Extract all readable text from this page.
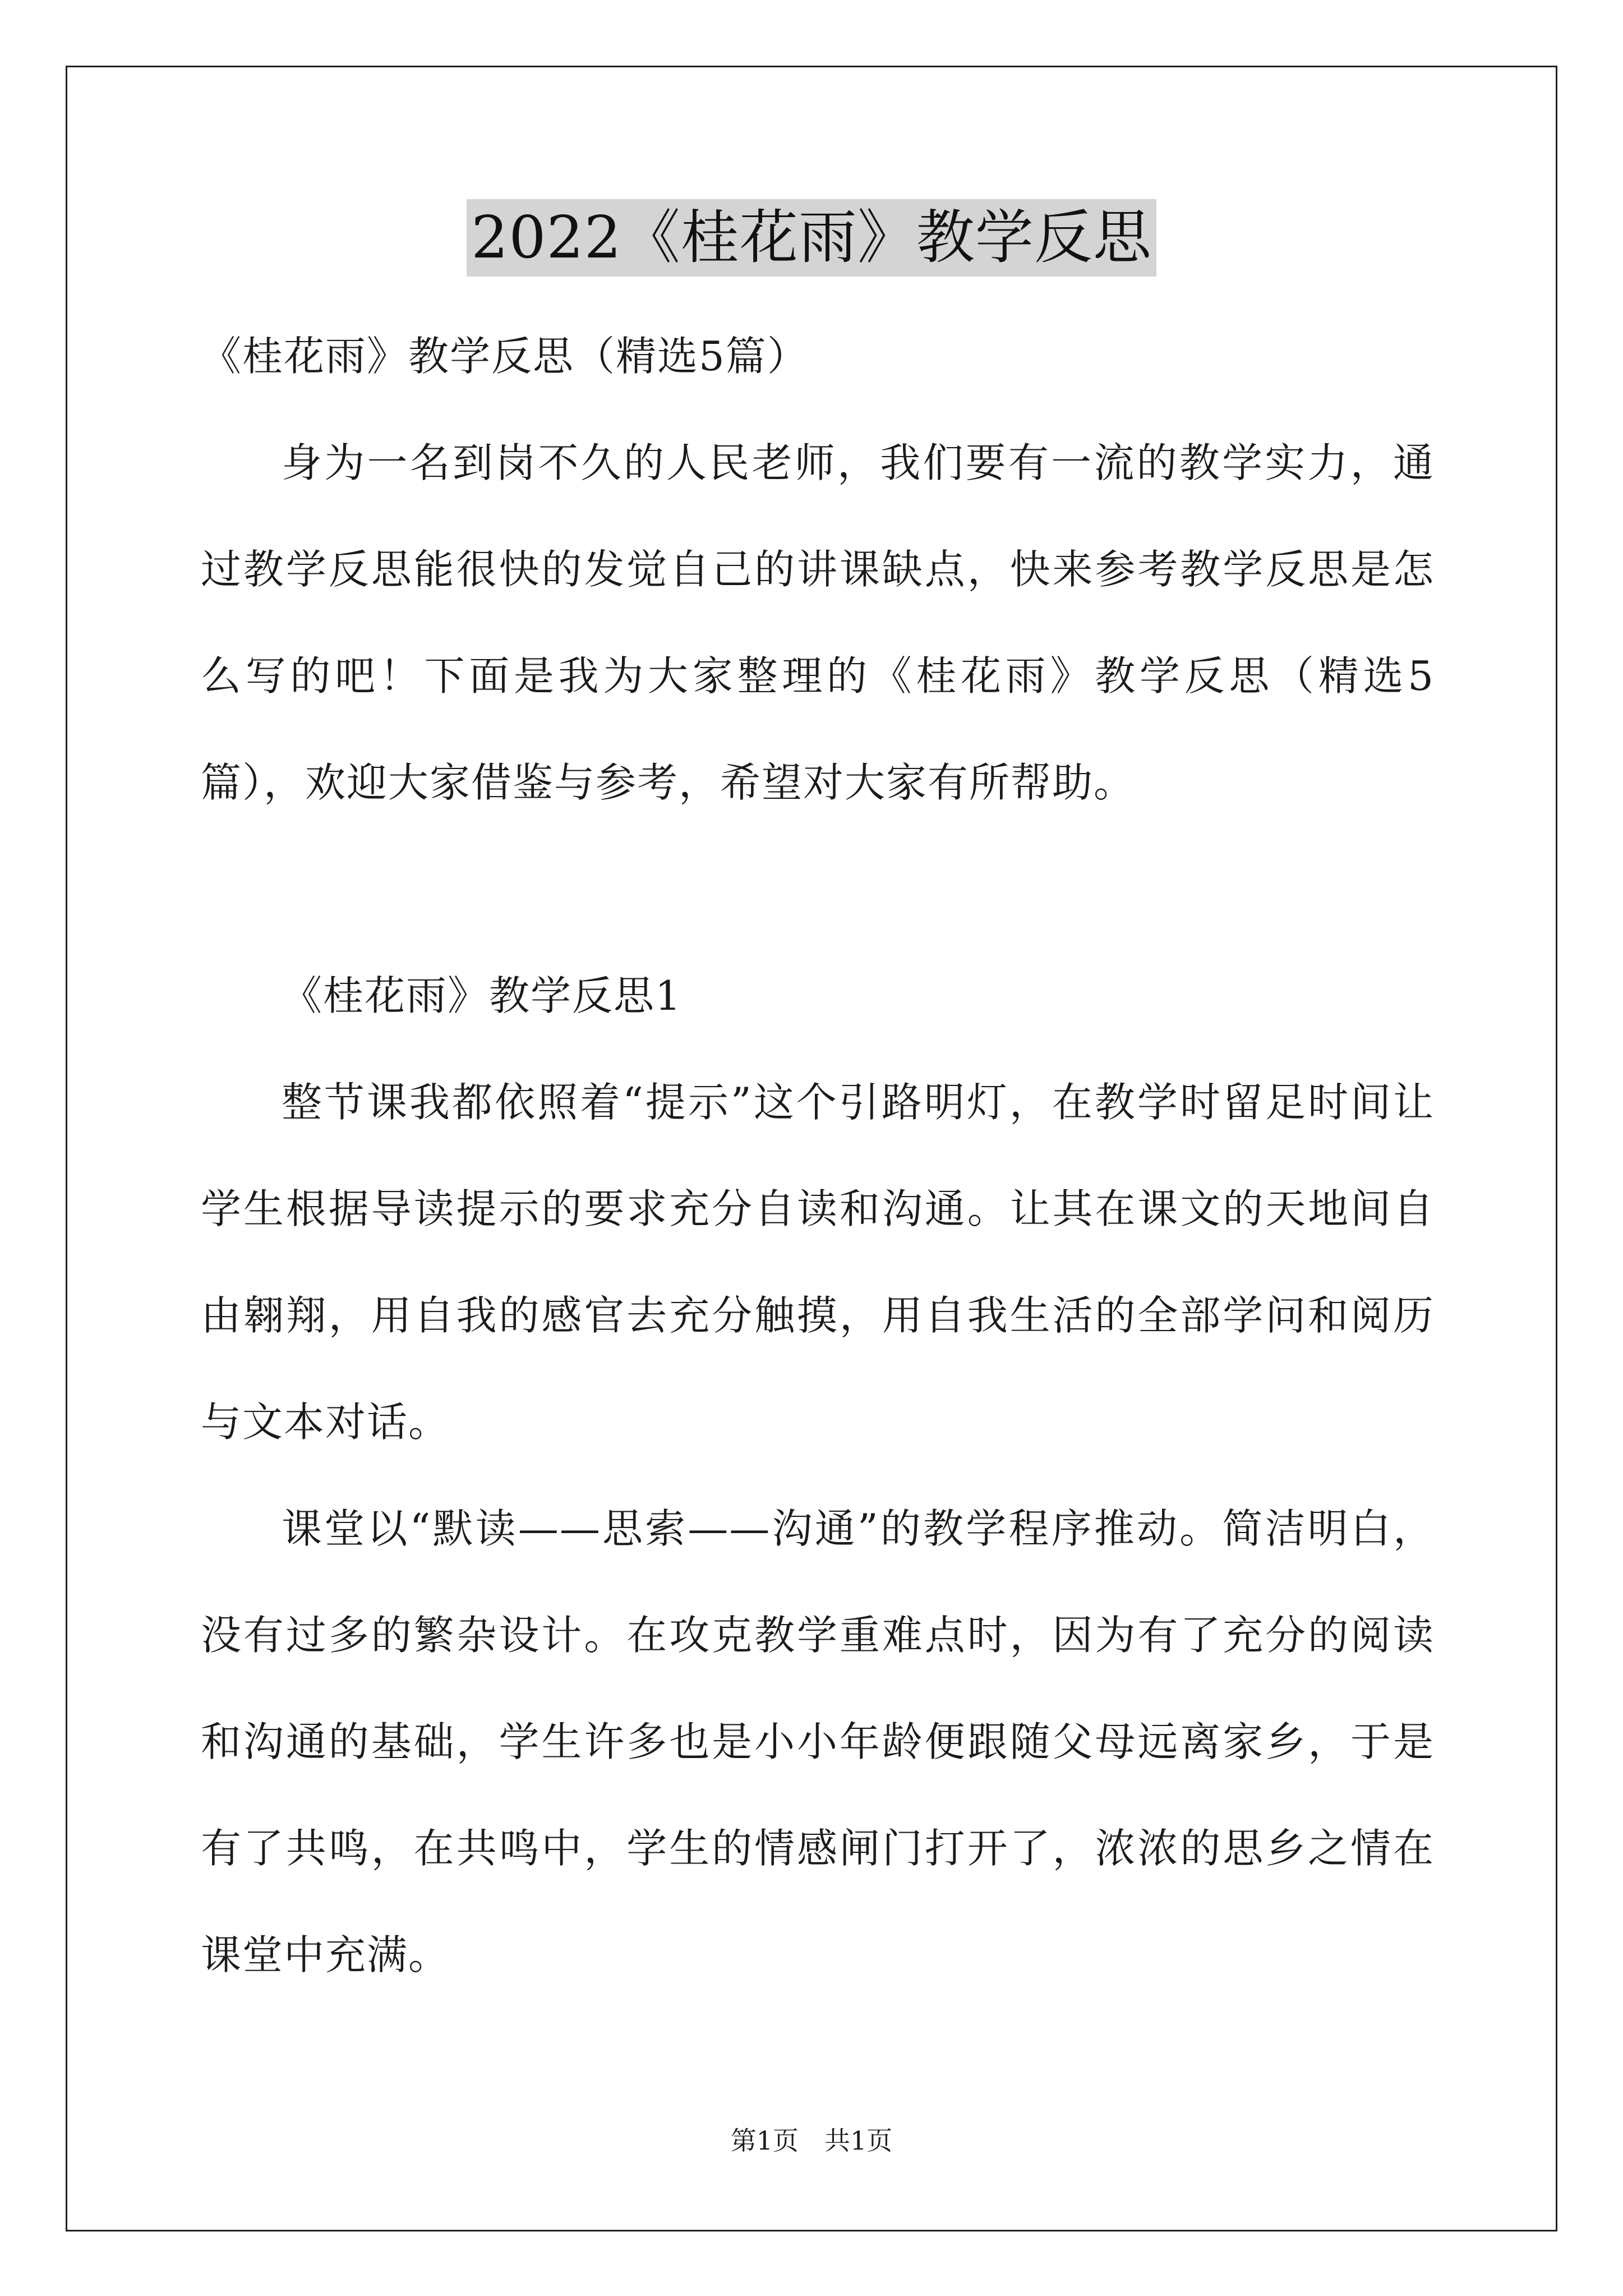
2022《桂花雨》教学反思

《桂花雨》教学反思（精选5篇）

身为一名到岗不久的人民老师，我们要有一流的教学实力，通过教学反思能很快的发觉自己的讲课缺点，快来参考教学反思是怎么写的吧！下面是我为大家整理的《桂花雨》教学反思（精选5篇），欢迎大家借鉴与参考，希望对大家有所帮助。

《桂花雨》教学反思1

整节课我都依照着“提示”这个引路明灯，在教学时留足时间让学生根据导读提示的要求充分自读和沟通。让其在课文的天地间自由翱翔，用自我的感官去充分触摸，用自我生活的全部学问和阅历与文本对话。

课堂以“默读——思索——沟通”的教学程序推动。简洁明白，没有过多的繁杂设计。在攻克教学重难点时，因为有了充分的阅读和沟通的基础，学生许多也是小小年龄便跟随父母远离家乡，于是有了共鸣，在共鸣中，学生的情感闸门打开了，浓浓的思乡之情在课堂中充满。

第1页　共1页
